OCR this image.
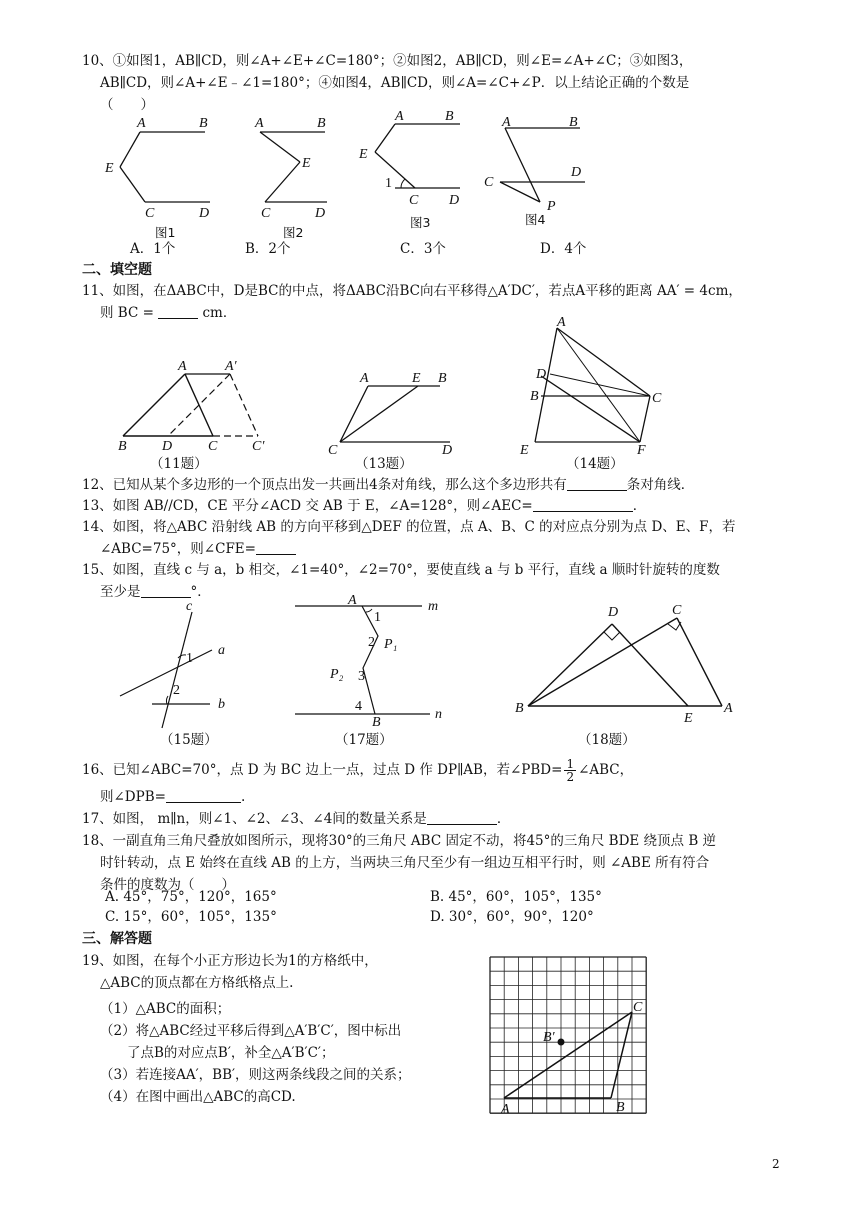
10、①如图1，AB∥CD，则∠A+∠E+∠C=180°；②如图2，AB∥CD，则∠E=∠A+∠C；③如图3，
AB∥CD，则∠A+∠E﹣∠1=180°；④如图4，AB∥CD，则∠A=∠C+∠P．以上结论正确的个数是
（　　）
A	B
E
C	D
图1
A	B
E
C	D
图2
A	B
E
1
C D
图3
A	B
C
D
P
图4
A．1个	B．2个	C．3个	D．4个
二、填空题
11、如图，在ΔABC中，D是BC的中点，将ΔABC沿BC向右平移得△A′DC′，若点A平移的距离 AA′ = 4cm，
则 BC =	cm．
A	A′
B	D	C C′
A	E B
C	D
A
D
B	C
E	F
（11题）	（13题）	（14题）
12、已知从某个多边形的一个顶点出发一共画出4条对角线，那么这个多边形共有	条对角线．
13、如图 AB//CD，CE 平分∠ACD 交 AB 于 E，∠A=128°，则∠AEC=	．
14、如图，将△ABC 沿射线 AB 的方向平移到△DEF 的位置，点 A、B、C 的对应点分别为点 D、E、F，若
∠ABC=75°，则∠CFE=
15、如图，直线 c 与 a，b 相交，∠1=40°，∠2=70°，要使直线 a 与 b 平行，直线 a 顺时针旋转的度数
至少是	°．
c
a
b
1
2
A	m
n
1
2 P₁
P₂ 3
4
B
D	C
B
E
A
（15题）	（17题）	（18题）
16、已知∠ABC=70°，点 D 为 BC 边上一点，过点 D 作 DP∥AB，若∠PBD= $\frac{1}{2}$ ∠ABC，
则∠DPB=	.
17、如图， m∥n，则∠1、∠2、∠3、∠4间的数量关系是	．
18、一副直角三角尺叠放如图所示，现将30°的三角尺 ABC 固定不动，将45°的三角尺 BDE 绕顶点 B 逆
时针转动，点 E 始终在直线 AB 的上方，当两块三角尺至少有一组边互相平行时，则 ∠ABE 所有符合
条件的度数为（　　）
A. 45°，75°，120°，165°	B. 45°，60°，105°，135°
C. 15°，60°，105°，135°	D. 30°，60°，90°，120°
三、解答题
19、如图，在每个小正方形边长为1的方格纸中，
△ABC的顶点都在方格纸格点上.
（1）△ABC的面积；
（2）将△ABC经过平移后得到△A′B′C′，图中标出
　　了点B的对应点B′，补全△A′B′C′；
（3）若连接AA′，BB′，则这两条线段之间的关系；
（4）在图中画出△ABC的高CD.
A	B
C
B′
2
